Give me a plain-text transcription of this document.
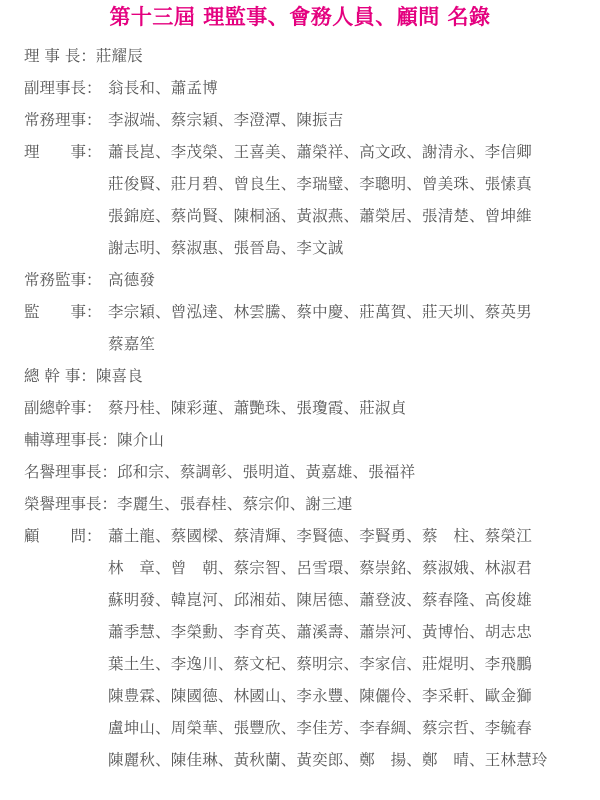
第十三屆 理監事、會務人員、顧問 名錄
理 事 長： 莊耀辰
副理事長： 翁長和、蕭孟博
常務理事： 李淑端、蔡宗穎、李澄潭、陳振吉
理　　事： 蕭長崑、李茂榮、王喜美、蕭榮祥、高文政、謝清永、李信卿
莊俊賢、莊月碧、曾良生、李瑞璧、李聰明、曾美珠、張愫真
張錦庭、蔡尚賢、陳桐涵、黃淑燕、蕭榮居、張清楚、曾坤維
謝志明、蔡淑惠、張晉島、李文誠
常務監事： 高德發
監　　事： 李宗穎、曾泓達、林雲騰、蔡中慶、莊萬賀、莊天圳、蔡英男
蔡嘉笙
總 幹 事： 陳喜良
副總幹事： 蔡丹桂、陳彩蓮、蕭艷珠、張瓊霞、莊淑貞
輔導理事長： 陳介山
名譽理事長： 邱和宗、蔡調彰、張明道、黃嘉雄、張福祥
榮譽理事長： 李麗生、張春桂、蔡宗仰、謝三連
顧　　問： 蕭土龍、蔡國樑、蔡清輝、李賢德、李賢勇、蔡　柱、蔡榮江
林　章、曾　朝、蔡宗智、呂雪環、蔡崇銘、蔡淑娥、林淑君
蘇明發、韓崑河、邱湘茹、陳居德、蕭登波、蔡春隆、高俊雄
蕭季慧、李榮勳、李育英、蕭溪壽、蕭崇河、黃博怡、胡志忠
葉土生、李逸川、蔡文杞、蔡明宗、李家信、莊焜明、李飛鵬
陳豊霖、陳國德、林國山、李永豐、陳儷伶、李采軒、歐金獅
盧坤山、周榮華、張豐欣、李佳芳、李春綢、蔡宗哲、李毓春
陳麗秋、陳佳琳、黃秋蘭、黃奕郎、鄭　揚、鄭　晴、王林慧玲
